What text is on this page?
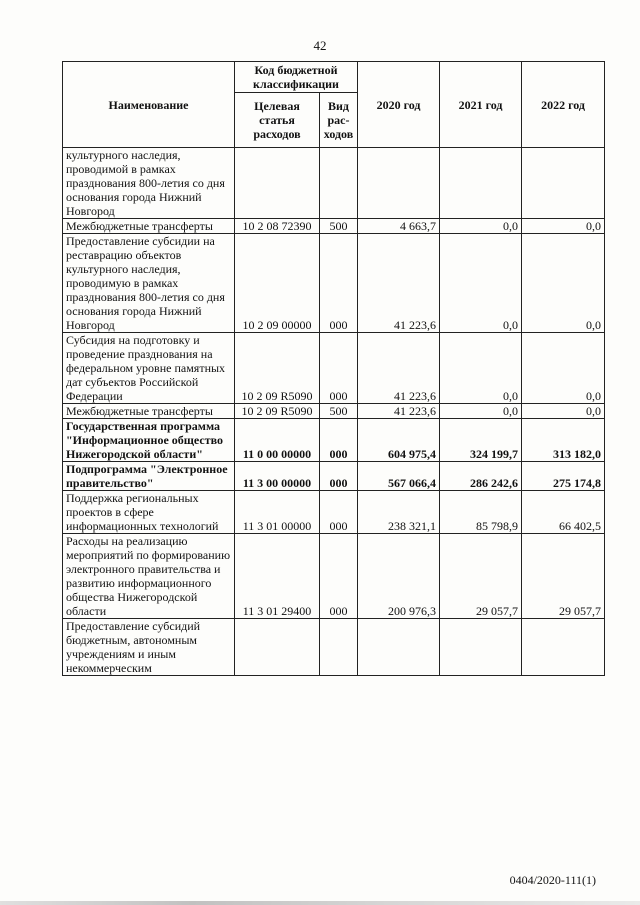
42
Наименование	Код бюджетной классификации		2020 год	2021 год	2022 год
	Целевая статья расходов	Вид рас-ходов			
культурного наследия, проводимой в рамках празднования 800-летия со дня основания города Нижний Новгород					
Межбюджетные трансферты	10 2 08 72390	500	4 663,7	0,0	0,0
Предоставление субсидии на реставрацию объектов культурного наследия, проводимую в рамках празднования 800-летия со дня основания города Нижний Новгород	10 2 09 00000	000	41 223,6	0,0	0,0
Субсидия на подготовку и проведение празднования на федеральном уровне памятных дат субъектов Российской Федерации	10 2 09 R5090	000	41 223,6	0,0	0,0
Межбюджетные трансферты	10 2 09 R5090	500	41 223,6	0,0	0,0
Государственная программа "Информационное общество Нижегородской области"	11 0 00 00000	000	604 975,4	324 199,7	313 182,0
Подпрограмма "Электронное правительство"	11 3 00 00000	000	567 066,4	286 242,6	275 174,8
Поддержка региональных проектов в сфере информационных технологий	11 3 01 00000	000	238 321,1	85 798,9	66 402,5
Расходы на реализацию мероприятий по формированию электронного правительства и развитию информационного общества Нижегородской области	11 3 01 29400	000	200 976,3	29 057,7	29 057,7
Предоставление субсидий бюджетным, автономным учреждениям и иным некоммерческим					
0404/2020-111(1)
